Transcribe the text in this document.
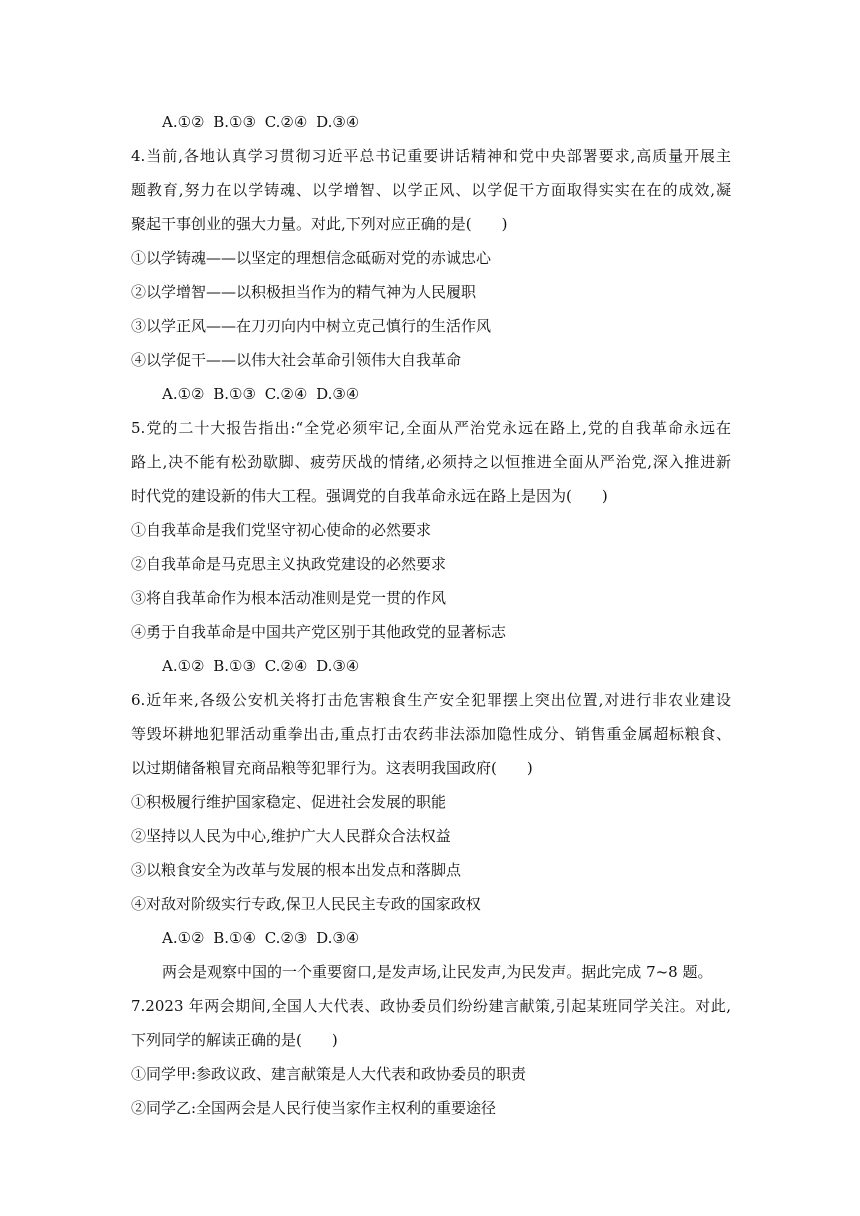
A.①② B.①③ C.②④ D.③④
4.当前,各地认真学习贯彻习近平总书记重要讲话精神和党中央部署要求,高质量开展主
题教育,努力在以学铸魂、以学增智、以学正风、以学促干方面取得实实在在的成效,凝
聚起干事创业的强大力量。对此,下列对应正确的是(　　)
①以学铸魂——以坚定的理想信念砥砺对党的赤诚忠心
②以学增智——以积极担当作为的精气神为人民履职
③以学正风——在刀刃向内中树立克己慎行的生活作风
④以学促干——以伟大社会革命引领伟大自我革命
A.①② B.①③ C.②④ D.③④
5.党的二十大报告指出:“全党必须牢记,全面从严治党永远在路上,党的自我革命永远在
路上,决不能有松劲歇脚、疲劳厌战的情绪,必须持之以恒推进全面从严治党,深入推进新
时代党的建设新的伟大工程。强调党的自我革命永远在路上是因为(　　)
①自我革命是我们党坚守初心使命的必然要求
②自我革命是马克思主义执政党建设的必然要求
③将自我革命作为根本活动准则是党一贯的作风
④勇于自我革命是中国共产党区别于其他政党的显著标志
A.①② B.①③ C.②④ D.③④
6.近年来,各级公安机关将打击危害粮食生产安全犯罪摆上突出位置,对进行非农业建设
等毁坏耕地犯罪活动重拳出击,重点打击农药非法添加隐性成分、销售重金属超标粮食、
以过期储备粮冒充商品粮等犯罪行为。这表明我国政府(　　)
①积极履行维护国家稳定、促进社会发展的职能
②坚持以人民为中心,维护广大人民群众合法权益
③以粮食安全为改革与发展的根本出发点和落脚点
④对敌对阶级实行专政,保卫人民民主专政的国家政权
A.①② B.①④ C.②③ D.③④
两会是观察中国的一个重要窗口,是发声场,让民发声,为民发声。据此完成 7~8 题。
7.2023 年两会期间,全国人大代表、政协委员们纷纷建言献策,引起某班同学关注。对此,
下列同学的解读正确的是(　　)
①同学甲:参政议政、建言献策是人大代表和政协委员的职责
②同学乙:全国两会是人民行使当家作主权利的重要途径
